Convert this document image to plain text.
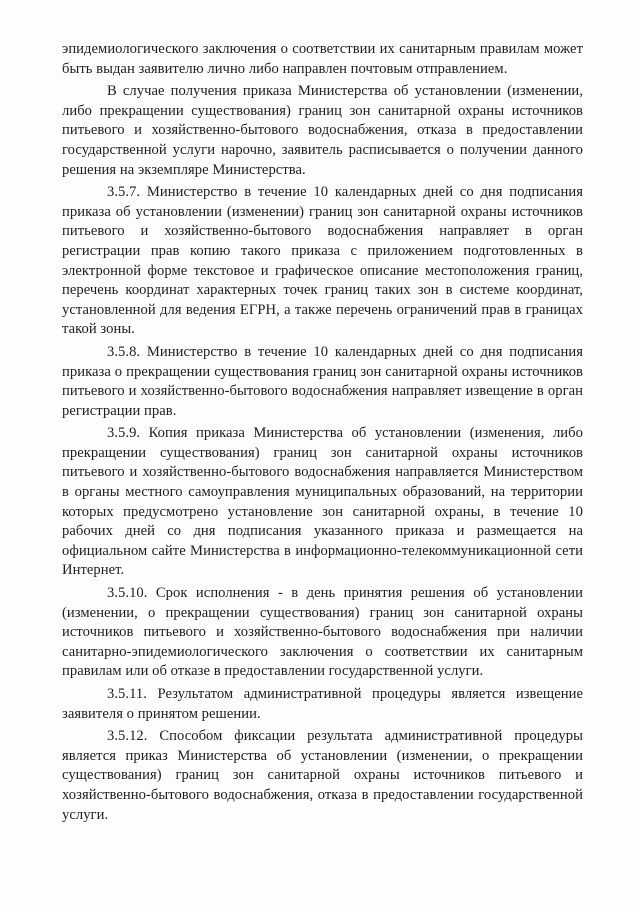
эпидемиологического заключения о соответствии их санитарным правилам может быть выдан заявителю лично либо направлен почтовым отправлением.

В случае получения приказа Министерства об установлении (изменении, либо прекращении существования) границ зон санитарной охраны источников питьевого и хозяйственно-бытового водоснабжения, отказа в предоставлении государственной услуги нарочно, заявитель расписывается о получении данного решения на экземпляре Министерства.

3.5.7. Министерство в течение 10 календарных дней со дня подписания приказа об установлении (изменении) границ зон санитарной охраны источников питьевого и хозяйственно-бытового водоснабжения направляет в орган регистрации прав копию такого приказа с приложением подготовленных в электронной форме текстовое и графическое описание местоположения границ, перечень координат характерных точек границ таких зон в системе координат, установленной для ведения ЕГРН, а также перечень ограничений прав в границах такой зоны.

3.5.8. Министерство в течение 10 календарных дней со дня подписания приказа о прекращении существования границ зон санитарной охраны источников питьевого и хозяйственно-бытового водоснабжения направляет извещение в орган регистрации прав.

3.5.9. Копия приказа Министерства об установлении (изменения, либо прекращении существования) границ зон санитарной охраны источников питьевого и хозяйственно-бытового водоснабжения направляется Министерством в органы местного самоуправления муниципальных образований, на территории которых предусмотрено установление зон санитарной охраны, в течение 10 рабочих дней со дня подписания указанного приказа и размещается на официальном сайте Министерства в информационно-телекоммуникационной сети Интернет.

3.5.10. Срок исполнения - в день принятия решения об установлении (изменении, о прекращении существования) границ зон санитарной охраны источников питьевого и хозяйственно-бытового водоснабжения при наличии санитарно-эпидемиологического заключения о соответствии их санитарным правилам или об отказе в предоставлении государственной услуги.

3.5.11. Результатом административной процедуры является извещение заявителя о принятом решении.

3.5.12. Способом фиксации результата административной процедуры является приказ Министерства об установлении (изменении, о прекращении существования) границ зон санитарной охраны источников питьевого и хозяйственно-бытового водоснабжения, отказа в предоставлении государственной услуги.
